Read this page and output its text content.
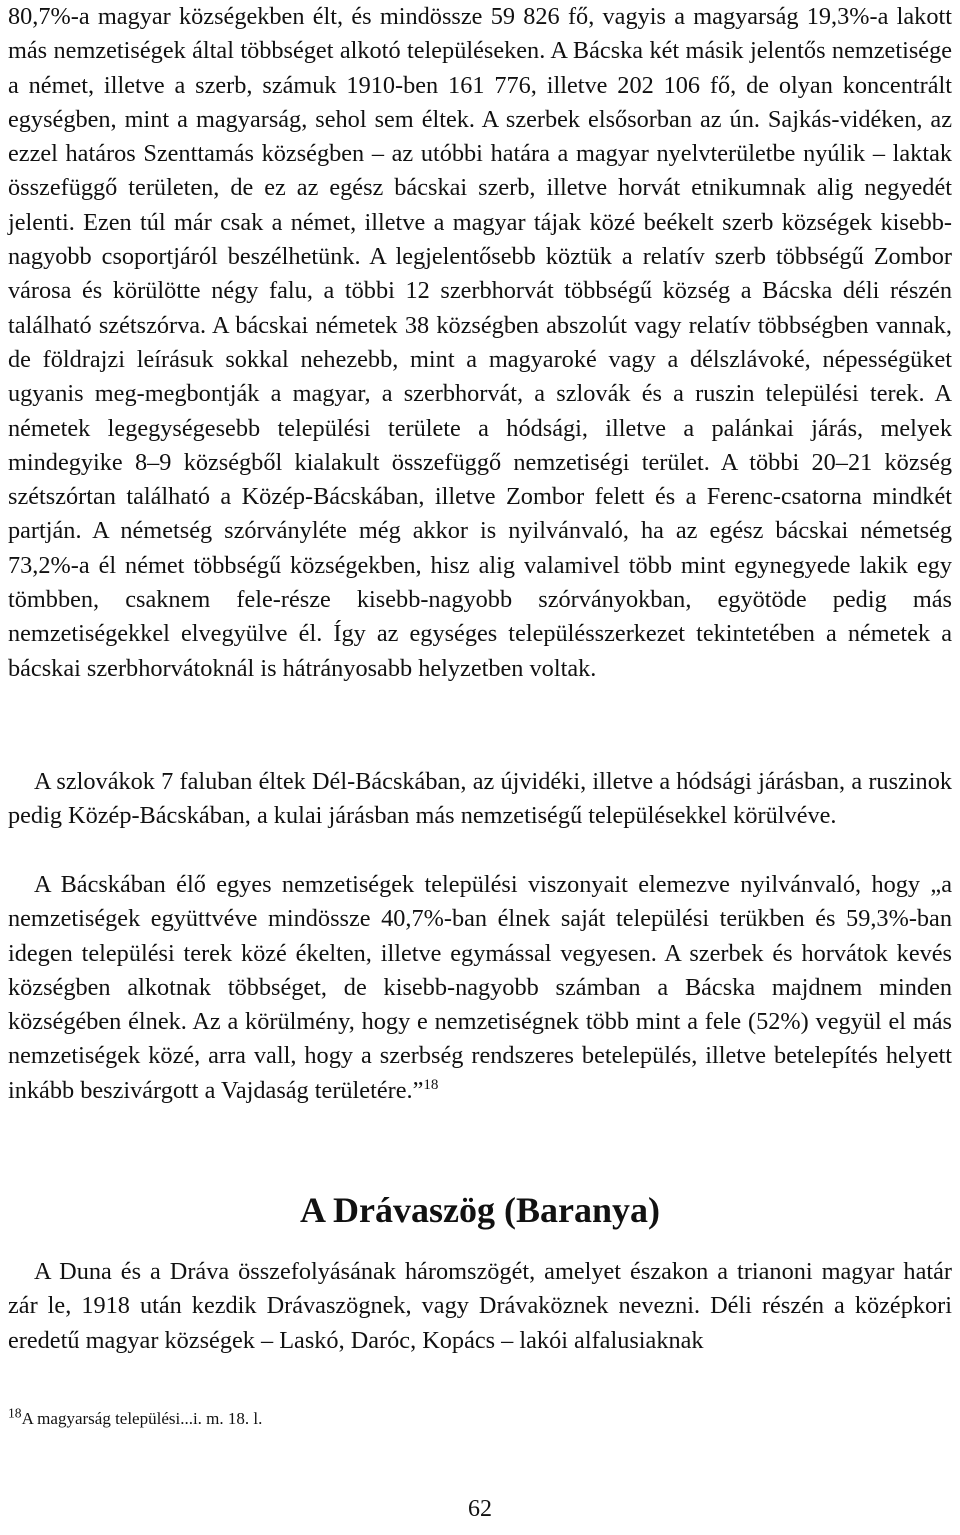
80,7%-a magyar községekben élt, és mindössze 59 826 fő, vagyis a magyarság 19,3%-a lakott más nemzetiségek által többséget alkotó településeken. A Bácska két másik jelentős nemzetisége a német, illetve a szerb, számuk 1910-ben 161 776, illetve 202 106 fő, de olyan koncentrált egységben, mint a magyarság, sehol sem éltek. A szerbek elsősorban az ún. Sajkás-vidéken, az ezzel határos Szenttamás községben – az utóbbi határa a magyar nyelvterületbe nyúlik – laktak összefüggő területen, de ez az egész bácskai szerb, illetve horvát etnikumnak alig negyedét jelenti. Ezen túl már csak a német, illetve a magyar tájak közé beékelt szerb községek kisebb-nagyobb csoportjáról beszélhetünk. A legjelentősebb köztük a relatív szerb többségű Zombor városa és körülötte négy falu, a többi 12 szerbhorvát többségű község a Bácska déli részén található szétszórva. A bácskai németek 38 községben abszolút vagy relatív többségben vannak, de földrajzi leírásuk sokkal nehezebb, mint a magyaroké vagy a délszlávoké, népességüket ugyanis meg-megbontják a magyar, a szerbhorvát, a szlovák és a ruszin települési terek. A németek legegységesebb települési területe a hódsági, illetve a palánkai járás, melyek mindegyike 8–9 községből kialakult összefüggő nemzetiségi terület. A többi 20–21 község szétszórtan található a Közép-Bácskában, illetve Zombor felett és a Ferenc-csatorna mindkét partján. A németség szórványléte még akkor is nyilvánvaló, ha az egész bácskai németség 73,2%-a él német többségű községekben, hisz alig valamivel több mint egynegyede lakik egy tömbben, csaknem fele-része kisebb-nagyobb szórványokban, egyötöde pedig más nemzetiségekkel elvegyülve él. Így az egységes településszerkezet tekintetében a németek a bácskai szerbhorvátoknál is hátrányosabb helyzetben voltak.

A szlovákok 7 faluban éltek Dél-Bácskában, az újvidéki, illetve a hódsági járásban, a ruszinok pedig Közép-Bácskában, a kulai járásban más nemzetiségű településekkel körülvéve.

A Bácskában élő egyes nemzetiségek települési viszonyait elemezve nyilvánvaló, hogy „a nemzetiségek együttvéve mindössze 40,7%-ban élnek saját települési terükben és 59,3%-ban idegen települési terek közé ékelten, illetve egymással vegyesen. A szerbek és horvátok kevés községben alkotnak többséget, de kisebb-nagyobb számban a Bácska majdnem minden községében élnek. Az a körülmény, hogy e nemzetiségnek több mint a fele (52%) vegyül el más nemzetiségek közé, arra vall, hogy a szerbség rendszeres betelepülés, illetve betelepítés helyett inkább beszivárgott a Vajdaság területére.”$^{18}$

A Drávaszög (Baranya)

A Duna és a Dráva összefolyásának háromszögét, amelyet északon a trianoni magyar határ zár le, 1918 után kezdik Drávaszögnek, vagy Drávaköznek nevezni. Déli részén a középkori eredetű magyar községek – Laskó, Daróc, Kopács – lakói alfalusiaknak

$^{18}$A magyarság települési...i. m. 18. l.
62
